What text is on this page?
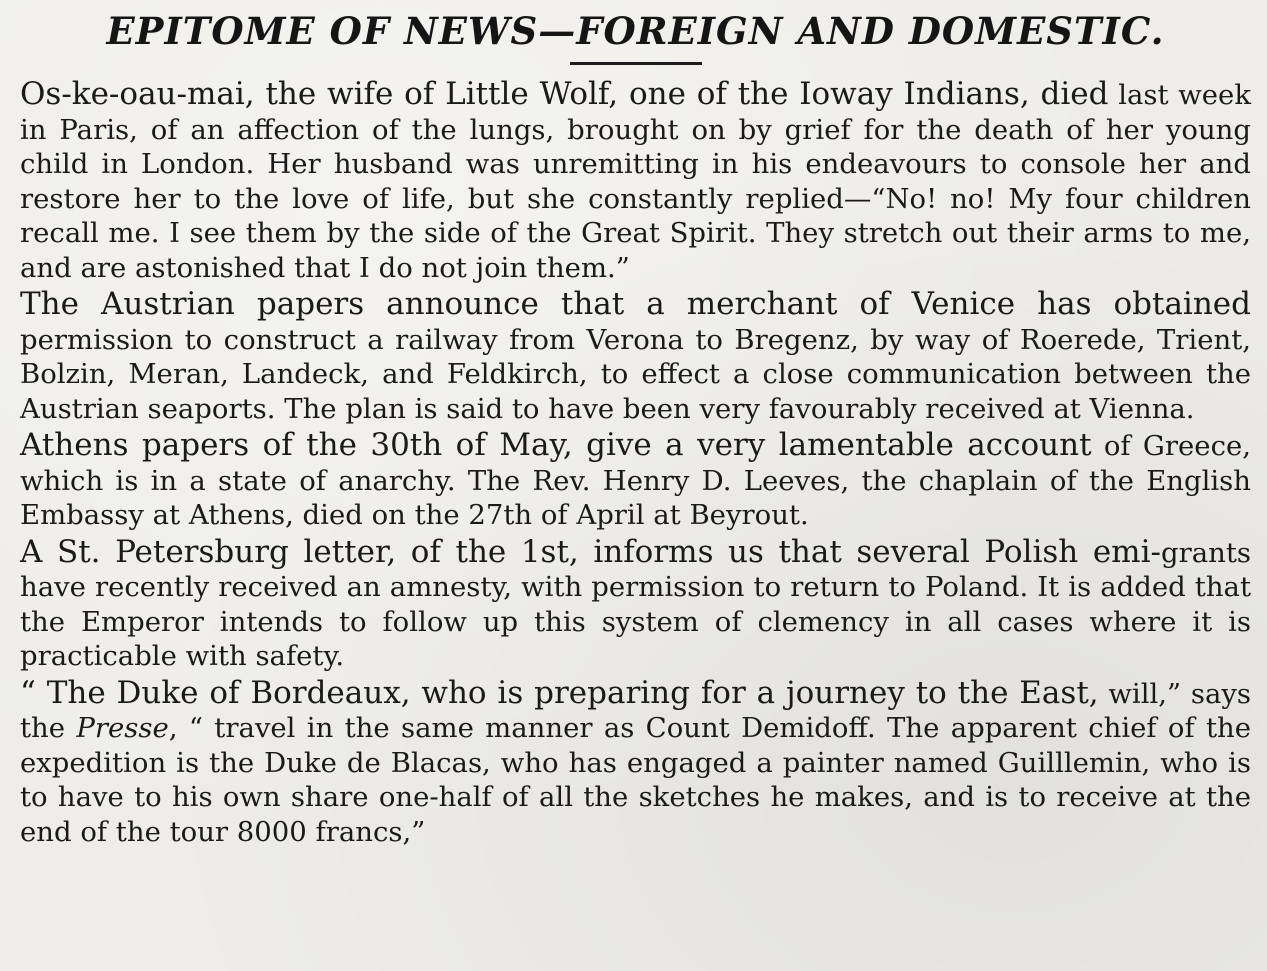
EPITOME OF NEWS—FOREIGN AND DOMESTIC.

Os-ke-oau-mai, the wife of Little Wolf, one of the Ioway Indians, died last week in Paris, of an affection of the lungs, brought on by grief for the death of her young child in London. Her husband was unremitting in his endeavours to console her and restore her to the love of life, but she constantly replied—“No! no! My four children recall me. I see them by the side of the Great Spirit. They stretch out their arms to me, and are astonished that I do not join them.”

The Austrian papers announce that a merchant of Venice has obtained permission to construct a railway from Verona to Bregenz, by way of Roerede, Trient, Bolzin, Meran, Landeck, and Feldkirch, to effect a close communication between the Austrian seaports. The plan is said to have been very favourably received at Vienna.

Athens papers of the 30th of May, give a very lamentable account of Greece, which is in a state of anarchy. The Rev. Henry D. Leeves, the chaplain of the English Embassy at Athens, died on the 27th of April at Beyrout.

A St. Petersburg letter, of the 1st, informs us that several Polish emi-grants have recently received an amnesty, with permission to return to Poland. It is added that the Emperor intends to follow up this system of clemency in all cases where it is practicable with safety.

“ The Duke of Bordeaux, who is preparing for a journey to the East, will,” says the Presse, “ travel in the same manner as Count Demidoff. The apparent chief of the expedition is the Duke de Blacas, who has engaged a painter named Guilllemin, who is to have to his own share one-half of all the sketches he makes, and is to receive at the end of the tour 8000 francs,”
